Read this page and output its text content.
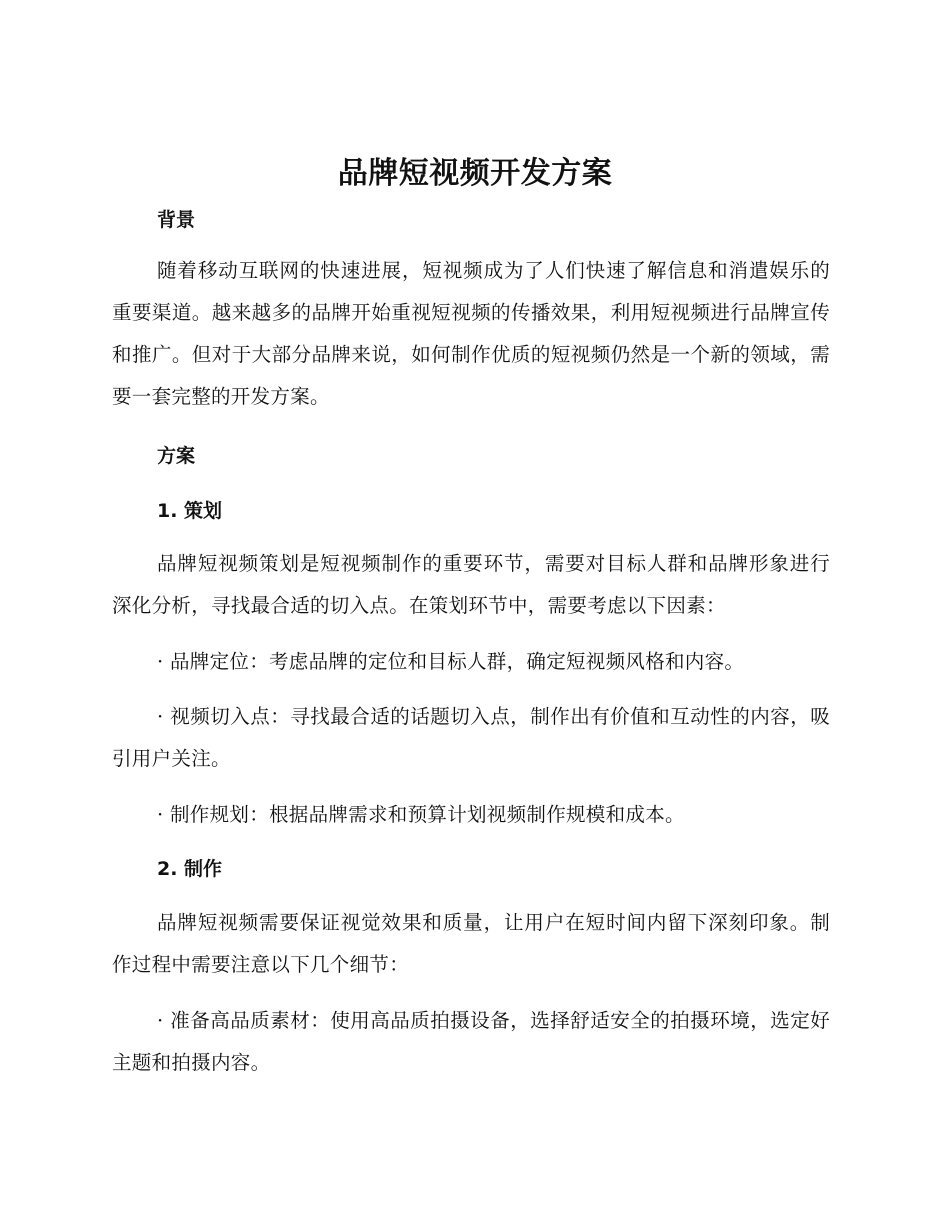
品牌短视频开发方案
背景

随着移动互联网的快速进展，短视频成为了人们快速了解信息和消遣娱乐的重要渠道。越来越多的品牌开始重视短视频的传播效果，利用短视频进行品牌宣传和推广。但对于大部分品牌来说，如何制作优质的短视频仍然是一个新的领域，需要一套完整的开发方案。

方案
1. 策划

品牌短视频策划是短视频制作的重要环节，需要对目标人群和品牌形象进行深化分析，寻找最合适的切入点。在策划环节中，需要考虑以下因素：

· 品牌定位：考虑品牌的定位和目标人群，确定短视频风格和内容。

· 视频切入点：寻找最合适的话题切入点，制作出有价值和互动性的内容，吸引用户关注。

· 制作规划：根据品牌需求和预算计划视频制作规模和成本。

2. 制作

品牌短视频需要保证视觉效果和质量，让用户在短时间内留下深刻印象。制作过程中需要注意以下几个细节：

· 准备高品质素材：使用高品质拍摄设备，选择舒适安全的拍摄环境，选定好主题和拍摄内容。
